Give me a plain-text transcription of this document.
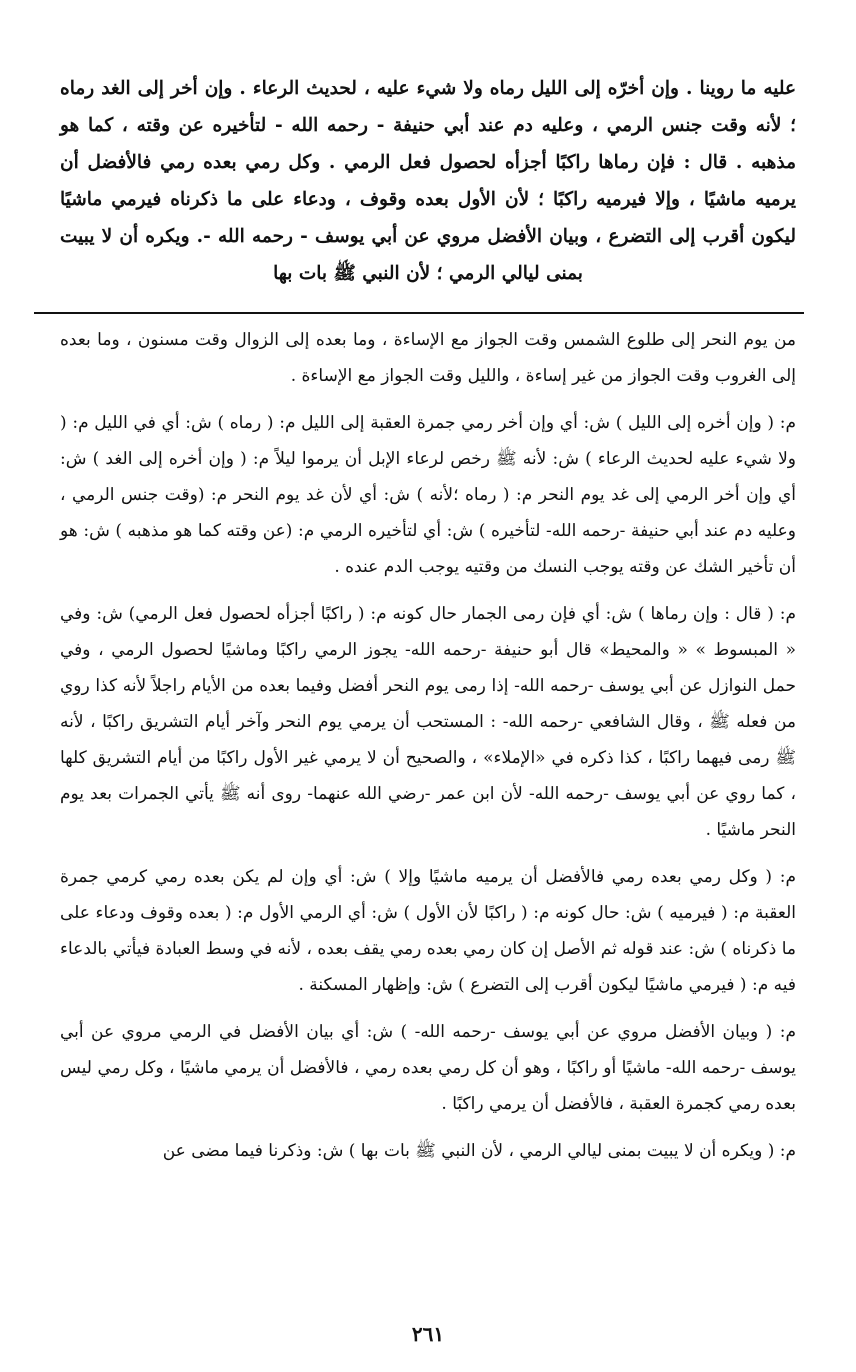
عليه ما روينا . وإن أخرّه إلى الليل رماه ولا شيء عليه ، لحديث الرعاء . وإن أخر إلى الغد رماه ؛ لأنه وقت جنس الرمي ، وعليه دم عند أبي حنيفة - رحمه الله - لتأخيره عن وقته ، كما هو مذهبه . قال : فإن رماها راكبًا أجزأه لحصول فعل الرمي . وكل رمي بعده رمي فالأفضل أن يرميه ماشيًا ، وإلا فيرميه راكبًا ؛ لأن الأول بعده وقوف ، ودعاء على ما ذكرناه فيرمي ماشيًا ليكون أقرب إلى التضرع ، وبيان الأفضل مروي عن أبي يوسف - رحمه الله -. ويكره أن لا يبيت بمنى ليالي الرمي ؛ لأن النبي ﷺ بات بها

من يوم النحر إلى طلوع الشمس وقت الجواز مع الإساءة ، وما بعده إلى الزوال وقت مسنون ، وما بعده إلى الغروب وقت الجواز من غير إساءة ، والليل وقت الجواز مع الإساءة .

م: ( وإن أخره إلى الليل ) ش: أي وإن أخر رمي جمرة العقبة إلى الليل م: ( رماه ) ش: أي في الليل م: ( ولا شيء عليه لحديث الرعاء ) ش: لأنه ﷺ رخص لرعاء الإبل أن يرموا ليلاً م: ( وإن أخره إلى الغد ) ش: أي وإن أخر الرمي إلى غد يوم النحر م: ( رماه ؛لأنه ) ش: أي لأن غد يوم النحر م: (وقت جنس الرمي ، وعليه دم عند أبي حنيفة -رحمه الله- لتأخيره ) ش: أي لتأخيره الرمي م: (عن وقته كما هو مذهبه ) ش: هو أن تأخير الشك عن وقته يوجب النسك من وقتيه يوجب الدم عنده .

م: ( قال : وإن رماها ) ش: أي فإن رمى الجمار حال كونه م: ( راكبًا أجزأه لحصول فعل الرمي) ش: وفي « المبسوط » « والمحيط» قال أبو حنيفة -رحمه الله- يجوز الرمي راكبًا وماشيًا لحصول الرمي ، وفي حمل النوازل عن أبي يوسف -رحمه الله- إذا رمى يوم النحر أفضل وفيما بعده من الأيام راجلاً لأنه كذا روي من فعله ﷺ ، وقال الشافعي -رحمه الله- : المستحب أن يرمي يوم النحر وآخر أيام التشريق راكبًا ، لأنه ﷺ رمى فيهما راكبًا ، كذا ذكره في «الإملاء» ، والصحيح أن لا يرمي غير الأول راكبًا من أيام التشريق كلها ، كما روي عن أبي يوسف -رحمه الله- لأن ابن عمر -رضي الله عنهما- روى أنه ﷺ يأتي الجمرات بعد يوم النحر ماشيًا .

م: ( وكل رمي بعده رمي فالأفضل أن يرميه ماشيًا وإلا ) ش: أي وإن لم يكن بعده رمي كرمي جمرة العقبة م: ( فيرميه ) ش: حال كونه م: ( راكبًا لأن الأول ) ش: أي الرمي الأول م: ( بعده وقوف ودعاء على ما ذكرناه ) ش: عند قوله ثم الأصل إن كان رمي بعده رمي يقف بعده ، لأنه في وسط العبادة فيأتي بالدعاء فيه م: ( فيرمي ماشيًا ليكون أقرب إلى التضرع ) ش: وإظهار المسكنة .

م: ( وبيان الأفضل مروي عن أبي يوسف -رحمه الله- ) ش: أي بيان الأفضل في الرمي مروي عن أبي يوسف -رحمه الله- ماشيًا أو راكبًا ، وهو أن كل رمي بعده رمي ، فالأفضل أن يرمي ماشيًا ، وكل رمي ليس بعده رمي كجمرة العقبة ، فالأفضل أن يرمي راكبًا .

م: ( ويكره أن لا يبيت بمنى ليالي الرمي ، لأن النبي ﷺ بات بها ) ش: وذكرنا فيما مضى عن

٢٦١
